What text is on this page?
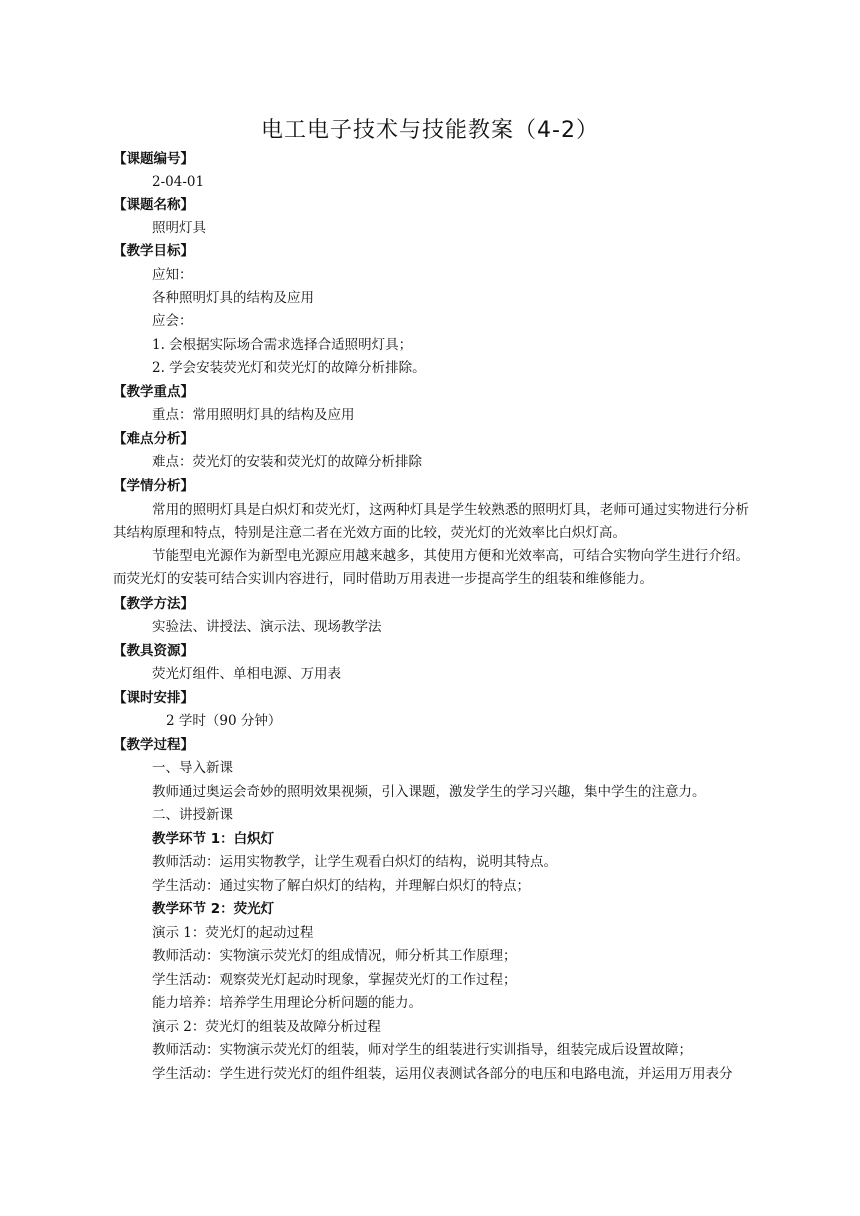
电工电子技术与技能教案（4-2）
【课题编号】
2-04-01
【课题名称】
照明灯具
【教学目标】
应知：
各种照明灯具的结构及应用
应会：
1. 会根据实际场合需求选择合适照明灯具；
2. 学会安装荧光灯和荧光灯的故障分析排除。
【教学重点】
重点：常用照明灯具的结构及应用
【难点分析】
难点：荧光灯的安装和荧光灯的故障分析排除
【学情分析】
常用的照明灯具是白炽灯和荧光灯，这两种灯具是学生较熟悉的照明灯具，老师可通过实物进行分析其结构原理和特点，特别是注意二者在光效方面的比较，荧光灯的光效率比白炽灯高。
节能型电光源作为新型电光源应用越来越多，其使用方便和光效率高，可结合实物向学生进行介绍。而荧光灯的安装可结合实训内容进行，同时借助万用表进一步提高学生的组装和维修能力。
【教学方法】
实验法、讲授法、演示法、现场教学法
【教具资源】
荧光灯组件、单相电源、万用表
【课时安排】
2 学时（90 分钟）
【教学过程】
一、导入新课
教师通过奥运会奇妙的照明效果视频，引入课题，激发学生的学习兴趣，集中学生的注意力。
二、讲授新课
教学环节 1：白炽灯
教师活动：运用实物教学，让学生观看白炽灯的结构，说明其特点。
学生活动：通过实物了解白炽灯的结构，并理解白炽灯的特点；
教学环节 2：荧光灯
演示 1：荧光灯的起动过程
教师活动：实物演示荧光灯的组成情况，师分析其工作原理；
学生活动：观察荧光灯起动时现象，掌握荧光灯的工作过程；
能力培养：培养学生用理论分析问题的能力。
演示 2：荧光灯的组装及故障分析过程
教师活动：实物演示荧光灯的组装，师对学生的组装进行实训指导，组装完成后设置故障；
学生活动：学生进行荧光灯的组件组装，运用仪表测试各部分的电压和电路电流，并运用万用表分
